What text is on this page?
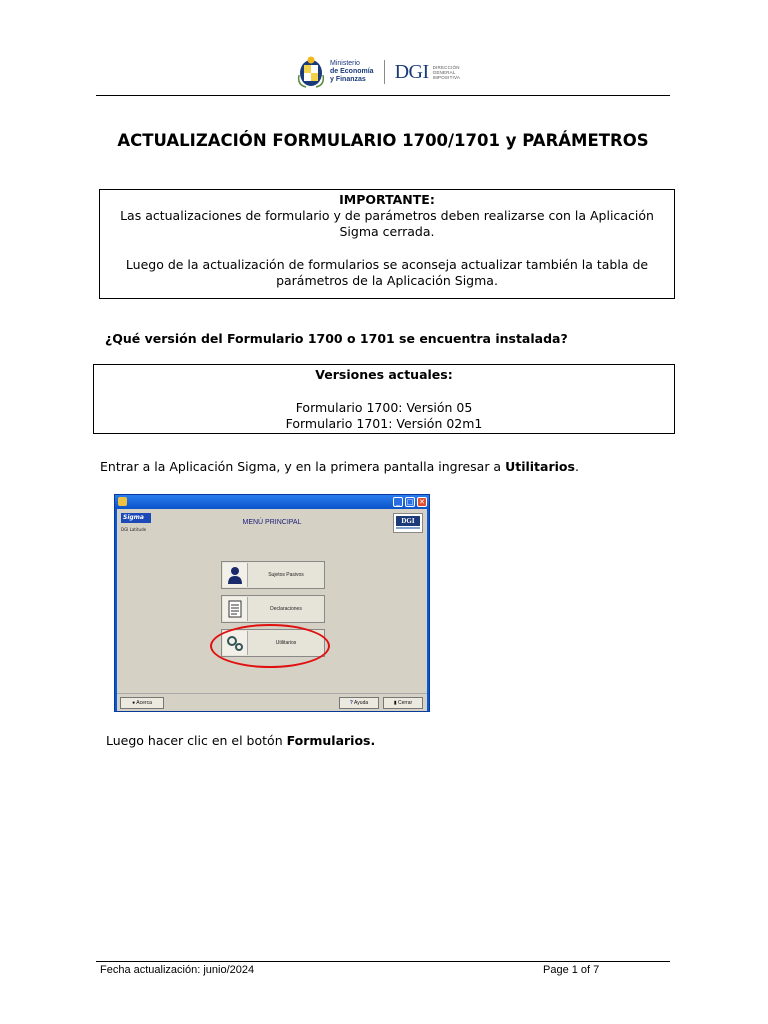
Ministerio
de Economía
y Finanzas	DGI DIRECCIÓN
GENERAL
IMPOSITIVA
ACTUALIZACIÓN FORMULARIO 1700/1701 y PARÁMETROS
IMPORTANTE:

Las actualizaciones de formulario y de parámetros deben realizarse con la Aplicación Sigma cerrada.

Luego de la actualización de formularios se aconseja actualizar también la tabla de parámetros de la Aplicación Sigma.

¿Qué versión del Formulario 1700 o 1701 se encuentra instalada?
Versiones actuales:
Formulario 1700: Versión 05
Formulario 1701: Versión 02m1
Entrar a la Aplicación Sigma, y en la primera pantalla ingresar a Utilitarios.
_ □ ✕
Sigma
DGI Latitude
MENÚ PRINCIPAL	DGI
Sujetos Pasivos
Declaraciones
Utilitarios
● Acerca	? Ayuda	▮ Cerrar
Luego hacer clic en el botón Formularios.
Fecha actualización: junio/2024	Page 1 of 7
